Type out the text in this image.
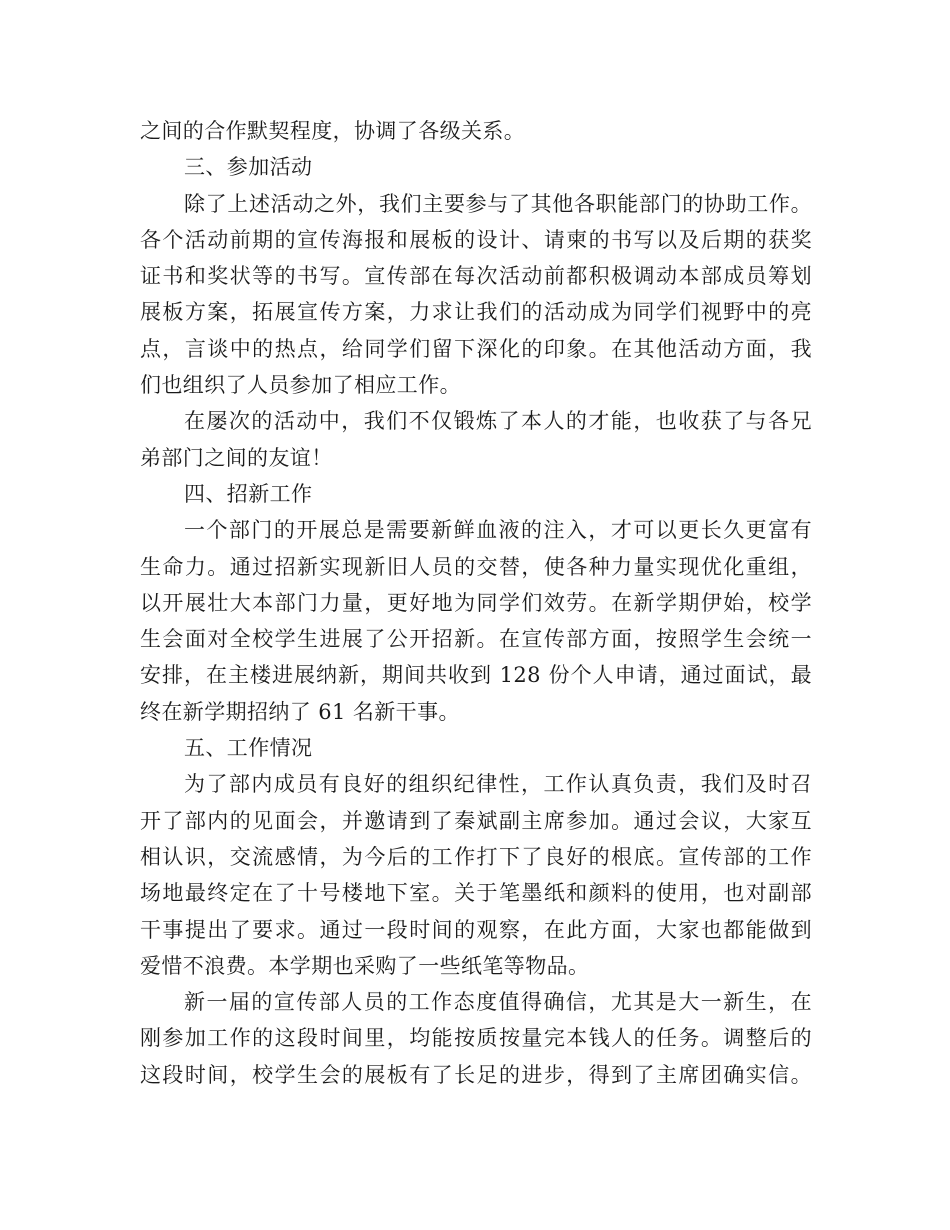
之间的合作默契程度，协调了各级关系。
三、参加活动
除了上述活动之外，我们主要参与了其他各职能部门的协助工作。
各个活动前期的宣传海报和展板的设计、请柬的书写以及后期的获奖
证书和奖状等的书写。宣传部在每次活动前都积极调动本部成员筹划
展板方案，拓展宣传方案，力求让我们的活动成为同学们视野中的亮
点，言谈中的热点，给同学们留下深化的印象。在其他活动方面，我
们也组织了人员参加了相应工作。
在屡次的活动中，我们不仅锻炼了本人的才能，也收获了与各兄
弟部门之间的友谊！
四、招新工作
一个部门的开展总是需要新鲜血液的注入，才可以更长久更富有
生命力。通过招新实现新旧人员的交替，使各种力量实现优化重组，
以开展壮大本部门力量，更好地为同学们效劳。在新学期伊始，校学
生会面对全校学生进展了公开招新。在宣传部方面，按照学生会统一
安排，在主楼进展纳新，期间共收到 128 份个人申请，通过面试，最
终在新学期招纳了 61 名新干事。
五、工作情况
为了部内成员有良好的组织纪律性，工作认真负责，我们及时召
开了部内的见面会，并邀请到了秦斌副主席参加。通过会议，大家互
相认识，交流感情，为今后的工作打下了良好的根底。宣传部的工作
场地最终定在了十号楼地下室。关于笔墨纸和颜料的使用，也对副部
干事提出了要求。通过一段时间的观察，在此方面，大家也都能做到
爱惜不浪费。本学期也采购了一些纸笔等物品。
新一届的宣传部人员的工作态度值得确信，尤其是大一新生，在
刚参加工作的这段时间里，均能按质按量完本钱人的任务。调整后的
这段时间，校学生会的展板有了长足的进步，得到了主席团确实信。
